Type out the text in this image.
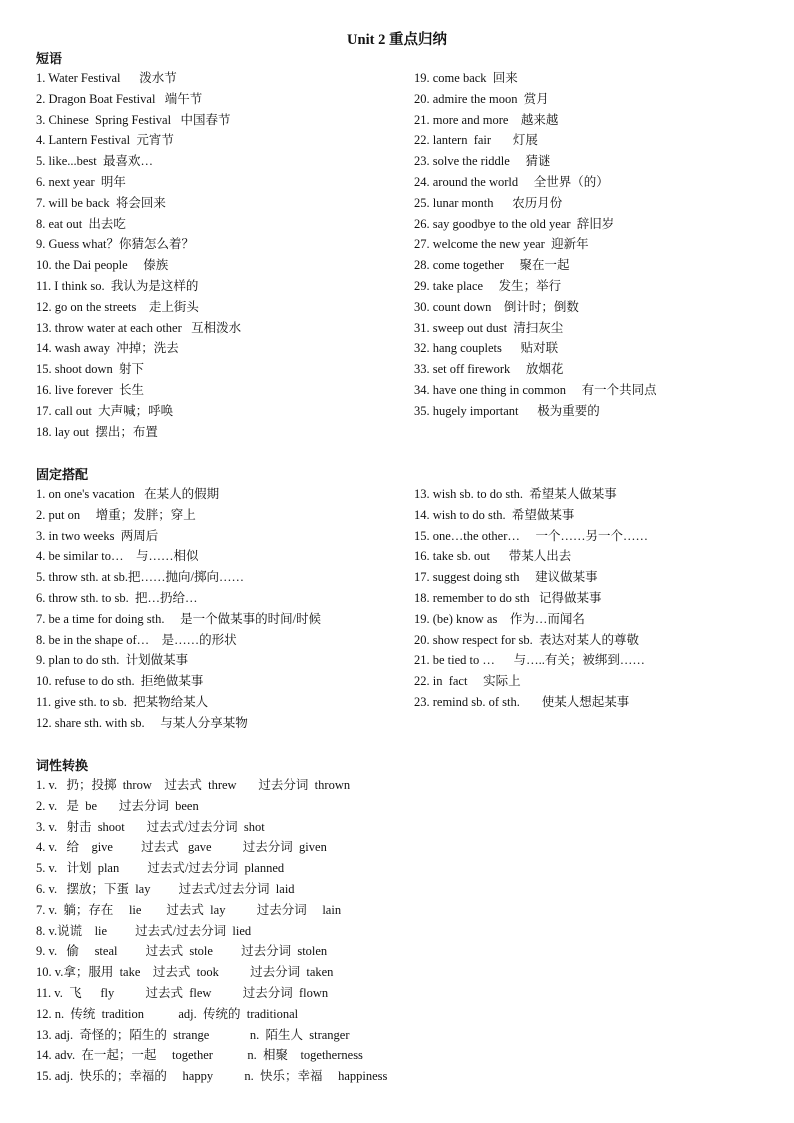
Unit 2 重点归纳
短语
1. Water Festival      泼水节
2. Dragon Boat Festival   端午节
3. Chinese  Spring Festival   中国春节
4. Lantern Festival  元宵节
5. like...best  最喜欢…
6. next year  明年
7. will be back  将会回来
8. eat out  出去吃
9. Guess what？你猜怎么着？
10. the Dai people     傣族
11. I think so.  我认为是这样的
12. go on the streets    走上街头
13. throw water at each other   互相泼水
14. wash away  冲掉；洗去
15. shoot down  射下
16. live forever  长生
17. call out  大声喊；呼唤
18. lay out  摆出；布置
19. come back  回来
20. admire the moon  赏月
21. more and more    越来越
22. lantern  fair       灯展
23. solve the riddle     猜谜
24. around the world     全世界（的）
25. lunar month      农历月份
26. say goodbye to the old year  辞旧岁
27. welcome the new year  迎新年
28. come together     聚在一起
29. take place     发生；举行
30. count down    倒计时；倒数
31. sweep out dust  清扫灰尘
32. hang couplets      贴对联
33. set off firework     放烟花
34. have one thing in common     有一个共同点
35. hugely important      极为重要的
固定搭配
1. on one's vacation   在某人的假期
2. put on     增重；发胖；穿上
3. in two weeks  两周后
4. be similar to…    与……相似
5. throw sth. at sb.把……抛向/掷向……
6. throw sth. to sb.  把…扔给…
7. be a time for doing sth.     是一个做某事的时间/时候
8. be in the shape of…    是……的形状
9. plan to do sth.  计划做某事
10. refuse to do sth.  拒绝做某事
11. give sth. to sb.  把某物给某人
12. share sth. with sb.     与某人分享某物
13. wish sb. to do sth.  希望某人做某事
14. wish to do sth.  希望做某事
15. one…the other…     一个……另一个……
16. take sb. out      带某人出去
17. suggest doing sth     建议做某事
18. remember to do sth   记得做某事
19. (be) know as    作为…而闻名
20. show respect for sb.  表达对某人的尊敬
21. be tied to …      与…..有关；被绑到……
22. in  fact     实际上
23. remind sb. of sth.       使某人想起某事
词性转换
1. v.   扔；投掷  throw    过去式  threw       过去分词  thrown
2. v.   是  be       过去分词  been
3. v.   射击  shoot       过去式/过去分词  shot
4. v.   给    give         过去式   gave          过去分词  given
5. v.   计划  plan         过去式/过去分词  planned
6. v.   摆放；下蛋  lay         过去式/过去分词  laid
7. v.  躺；存在     lie        过去式  lay          过去分词     lain
8. v.说谎    lie         过去式/过去分词  lied
9. v.   偷     steal         过去式  stole         过去分词  stolen
10. v.拿；服用  take    过去式  took          过去分词  taken
11. v.  飞      fly          过去式  flew          过去分词  flown
12. n.  传统  tradition           adj.  传统的  traditional
13. adj.  奇怪的；陌生的  strange             n.  陌生人  stranger
14. adv.  在一起；一起     together           n.  相聚    togetherness
15. adj.  快乐的；幸福的     happy          n.  快乐；幸福     happiness
